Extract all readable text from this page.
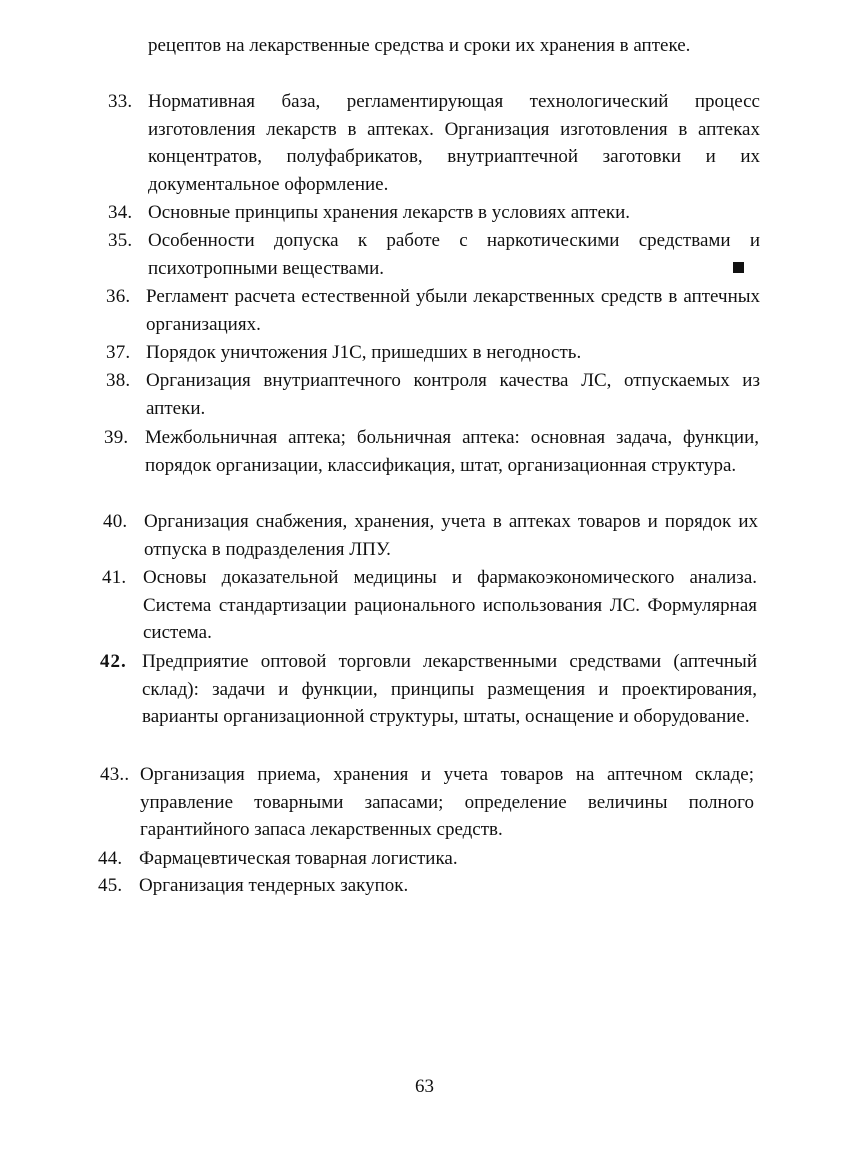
рецептов на лекарственные средства и сроки их хранения в аптеке.
33. Нормативная база, регламентирующая технологический процесс изготовления лекарств в аптеках. Организация изготовления в аптеках концентратов, полуфабрикатов, внутриаптечной заготовки и их документальное оформление.
34. Основные принципы хранения лекарств в условиях аптеки.
35. Особенности допуска к работе с наркотическими средствами и психотропными веществами.
36. Регламент расчета естественной убыли лекарственных средств в аптечных организациях.
37. Порядок уничтожения J1C, пришедших в негодность.
38. Организация внутриаптечного контроля качества ЛС, отпускаемых из аптеки.
39. Межбольничная аптека; больничная аптека: основная задача, функции, порядок организации, классификация, штат, организационная структура.
40. Организация снабжения, хранения, учета в аптеках товаров и порядок их отпуска в подразделения ЛПУ.
41. Основы доказательной медицины и фармакоэкономического анализа. Система стандартизации рационального использования ЛС. Формулярная система.
42. Предприятие оптовой торговли лекарственными средствами (аптечный склад): задачи и функции, принципы размещения и проектирования, варианты организационной структуры, штаты, оснащение и оборудование.
43.. Организация приема, хранения и учета товаров на аптечном складе; управление товарными запасами; определение величины полного гарантийного запаса лекарственных средств.
44. Фармацевтическая товарная логистика.
45. Организация тендерных закупок.
63
